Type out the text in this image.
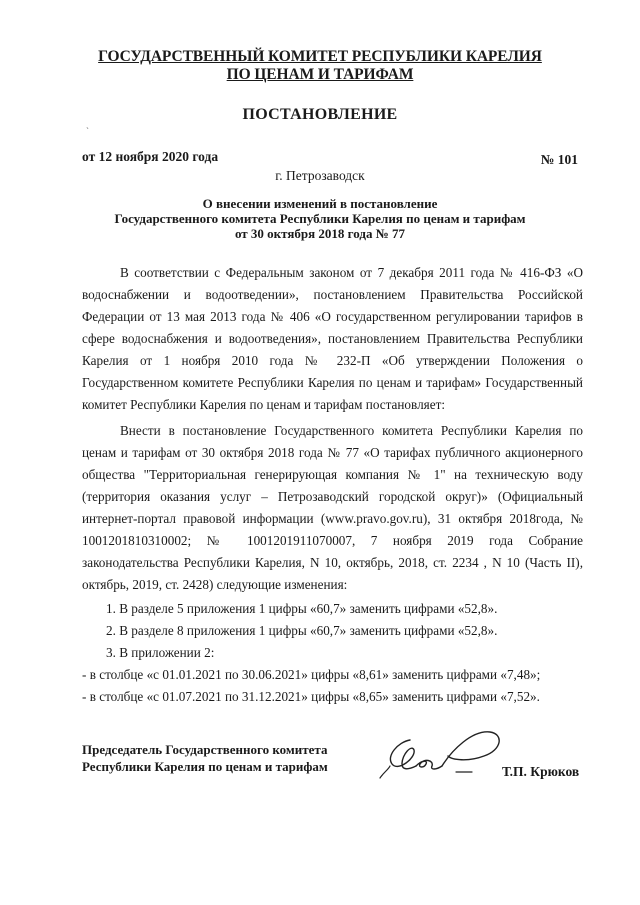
ГОСУДАРСТВЕННЫЙ КОМИТЕТ РЕСПУБЛИКИ КАРЕЛИЯ
ПО ЦЕНАМ И ТАРИФАМ
ПОСТАНОВЛЕНИЕ
`
от 12 ноября 2020 года	№ 101
г. Петрозаводск
О внесении изменений в постановление
Государственного комитета Республики Карелия по ценам и тарифам
от 30 октября 2018 года № 77

В соответствии с Федеральным законом от 7 декабря 2011 года № 416-ФЗ «О водоснабжении и водоотведении», постановлением Правительства Российской Федерации от 13 мая 2013 года № 406 «О государственном регулировании тарифов в сфере водоснабжения и водоотведения», постановлением Правительства Республики Карелия от 1 ноября 2010 года № 232-П «Об утверждении Положения о Государственном комитете Республики Карелия по ценам и тарифам» Государственный комитет Республики Карелия по ценам и тарифам постановляет:

Внести в постановление Государственного комитета Республики Карелия по ценам и тарифам от 30 октября 2018 года № 77 «О тарифах публичного акционерного общества "Территориальная генерирующая компания № 1" на техническую воду (территория оказания услуг – Петрозаводский городской округ)» (Официальный интернет-портал правовой информации (www.pravo.gov.ru), 31 октября 2018года, № 1001201810310002; № 1001201911070007, 7 ноября 2019 года Собрание законодательства Республики Карелия, N 10, октябрь, 2018, ст. 2234 , N 10 (Часть II), октябрь, 2019, ст. 2428) следующие изменения:

1. В разделе 5 приложения 1 цифры «60,7» заменить цифрами «52,8».
2. В разделе 8 приложения 1 цифры «60,7» заменить цифрами «52,8».
3. В приложении 2:
- в столбце «с 01.01.2021 по 30.06.2021» цифры «8,61» заменить цифрами «7,48»;
- в столбце «с 01.07.2021 по 31.12.2021» цифры «8,65» заменить цифрами «7,52».
Председатель Государственного комитета
Республики Карелия по ценам и тарифам	Т.П. Крюков
